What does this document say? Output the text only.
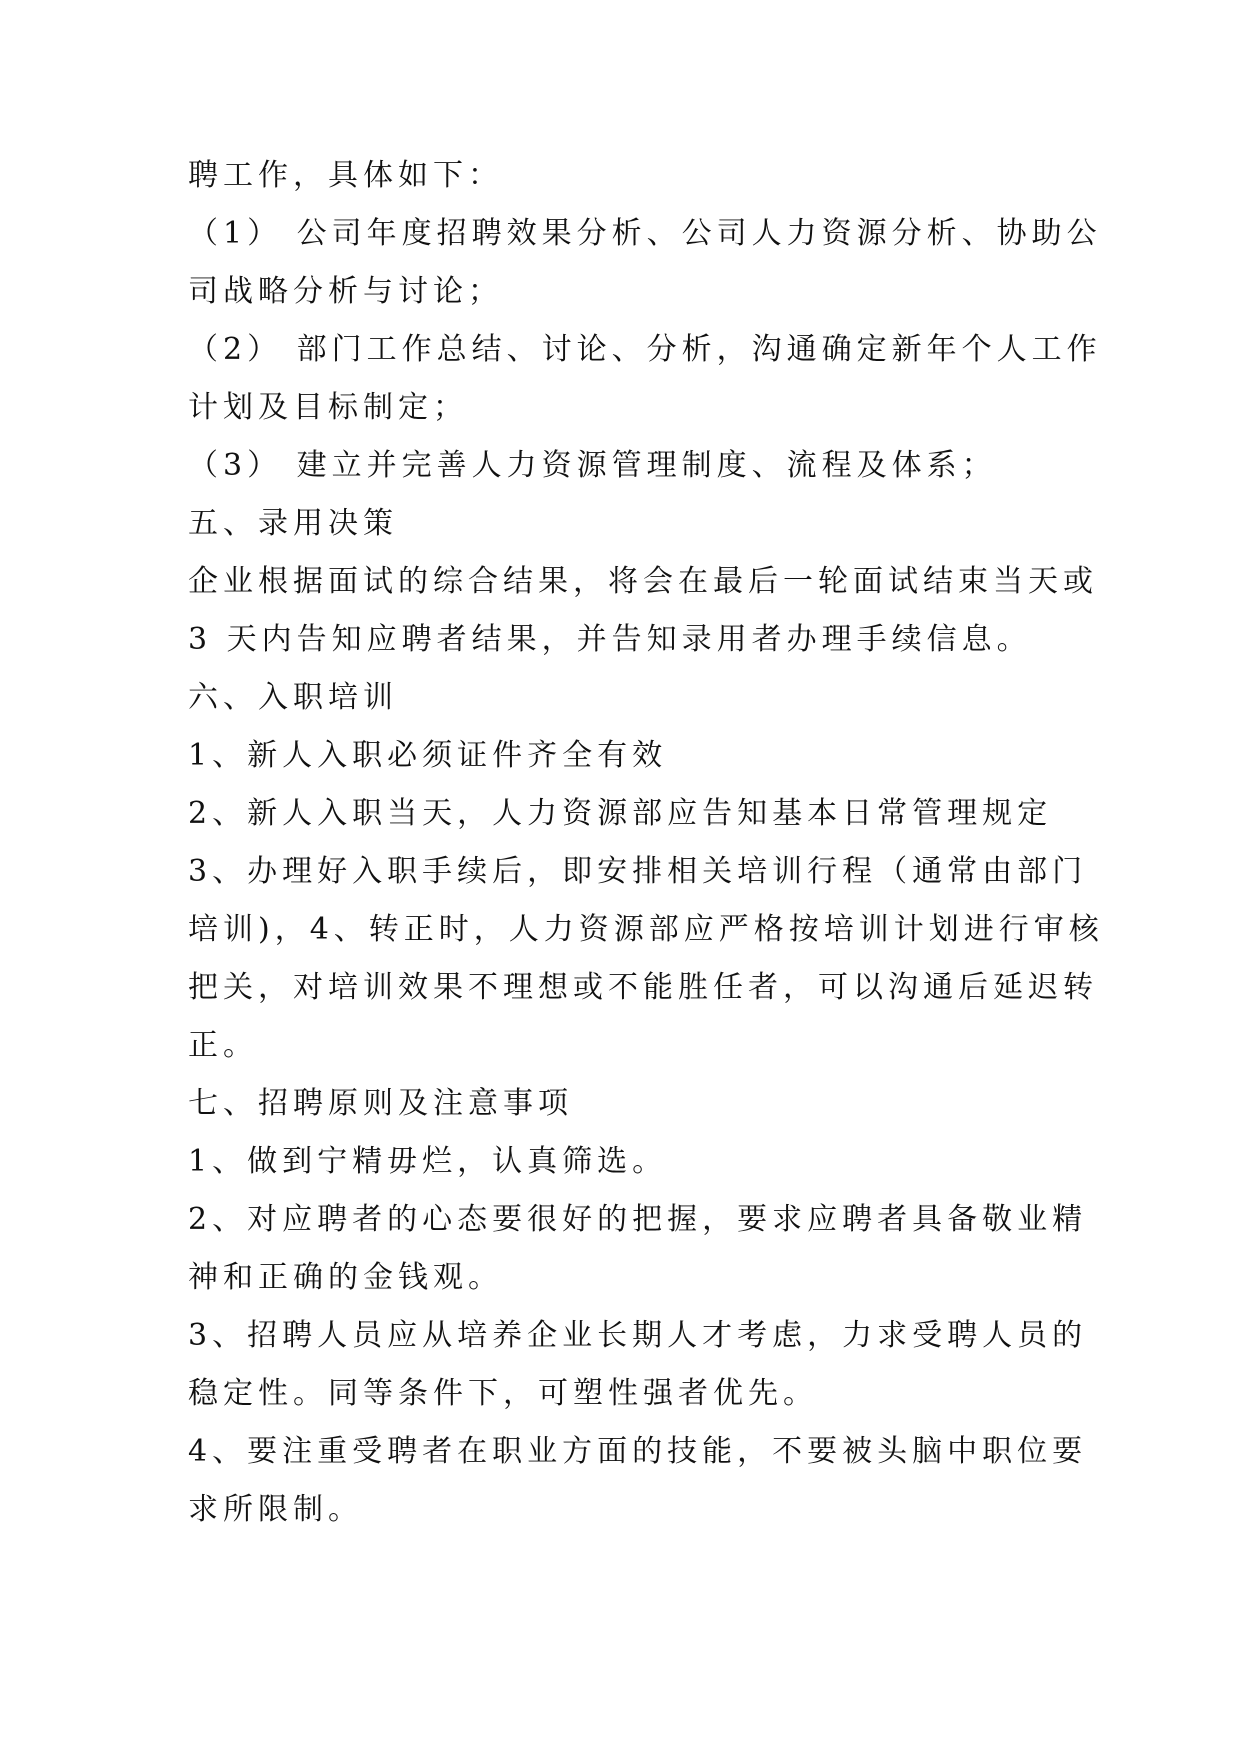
聘工作，具体如下：
（1） 公司年度招聘效果分析、公司人力资源分析、协助公
司战略分析与讨论；
（2） 部门工作总结、讨论、分析，沟通确定新年个人工作
计划及目标制定；
（3） 建立并完善人力资源管理制度、流程及体系；
五、录用决策
企业根据面试的综合结果，将会在最后一轮面试结束当天或
3 天内告知应聘者结果，并告知录用者办理手续信息。
六、入职培训
1、新人入职必须证件齐全有效
2、新人入职当天，人力资源部应告知基本日常管理规定
3、办理好入职手续后，即安排相关培训行程（通常由部门
培训)，4、转正时，人力资源部应严格按培训计划进行审核
把关，对培训效果不理想或不能胜任者，可以沟通后延迟转
正。
七、招聘原则及注意事项
1、做到宁精毋烂，认真筛选。
2、对应聘者的心态要很好的把握，要求应聘者具备敬业精
神和正确的金钱观。
3、招聘人员应从培养企业长期人才考虑，力求受聘人员的
稳定性。同等条件下，可塑性强者优先。
4、要注重受聘者在职业方面的技能，不要被头脑中职位要
求所限制。
